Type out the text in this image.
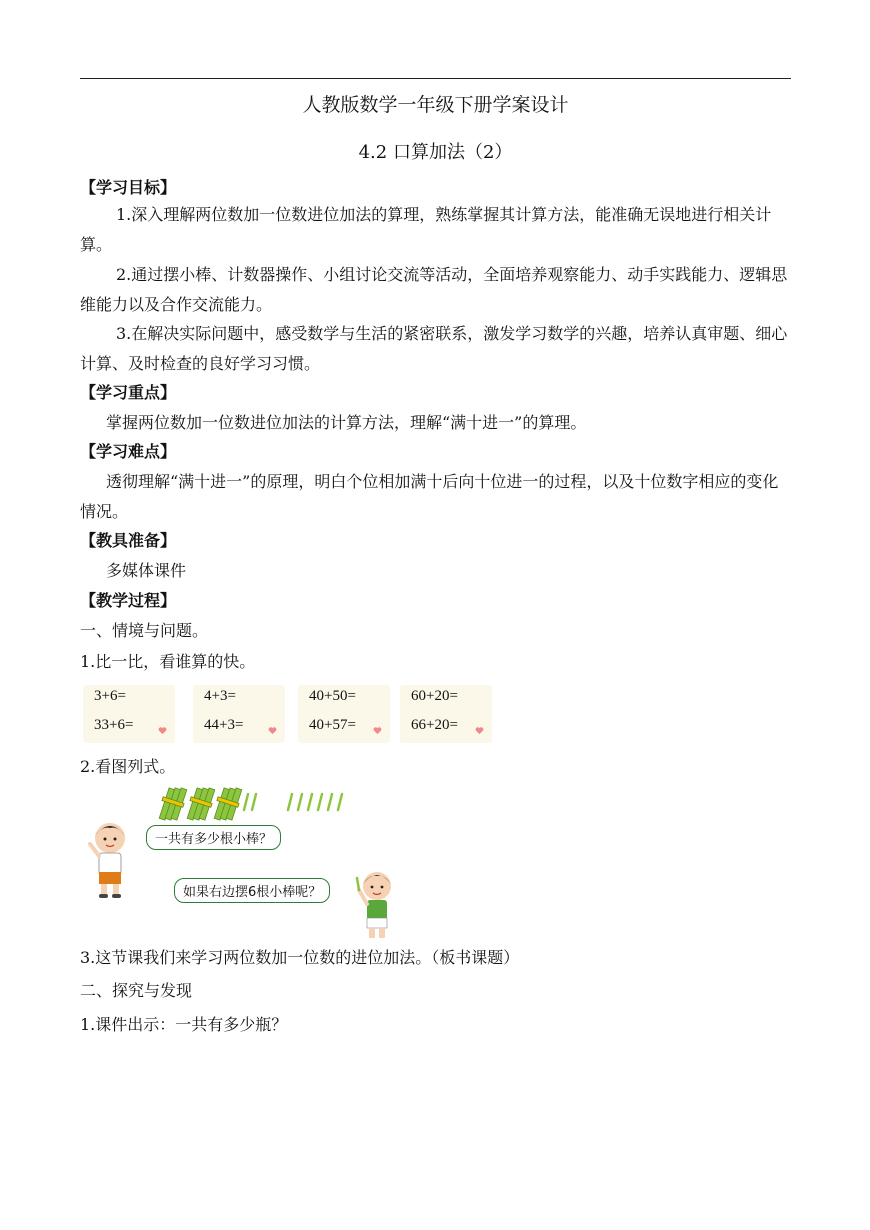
人教版数学一年级下册学案设计
4.2 口算加法（2）
【学习目标】

1.深入理解两位数加一位数进位加法的算理，熟练掌握其计算方法，能准确无误地进行相关计算。

2.通过摆小棒、计数器操作、小组讨论交流等活动，全面培养观察能力、动手实践能力、逻辑思维能力以及合作交流能力。

3.在解决实际问题中，感受数学与生活的紧密联系，激发学习数学的兴趣，培养认真审题、细心计算、及时检查的良好学习习惯。

【学习重点】

掌握两位数加一位数进位加法的计算方法，理解“满十进一”的算理。

【学习难点】

透彻理解“满十进一”的原理，明白个位相加满十后向十位进一的过程，以及十位数字相应的变化情况。

【教具准备】

多媒体课件

【教学过程】

一、情境与问题。

1.比一比，看谁算的快。

3+6=
33+6=
4+3=
44+3=
40+50=
40+57=
60+20=
66+20=

2.看图列式。

一共有多少根小棒？
如果右边摆6根小棒呢？

3.这节课我们来学习两位数加一位数的进位加法。（板书课题）

二、探究与发现

1.课件出示：一共有多少瓶？
